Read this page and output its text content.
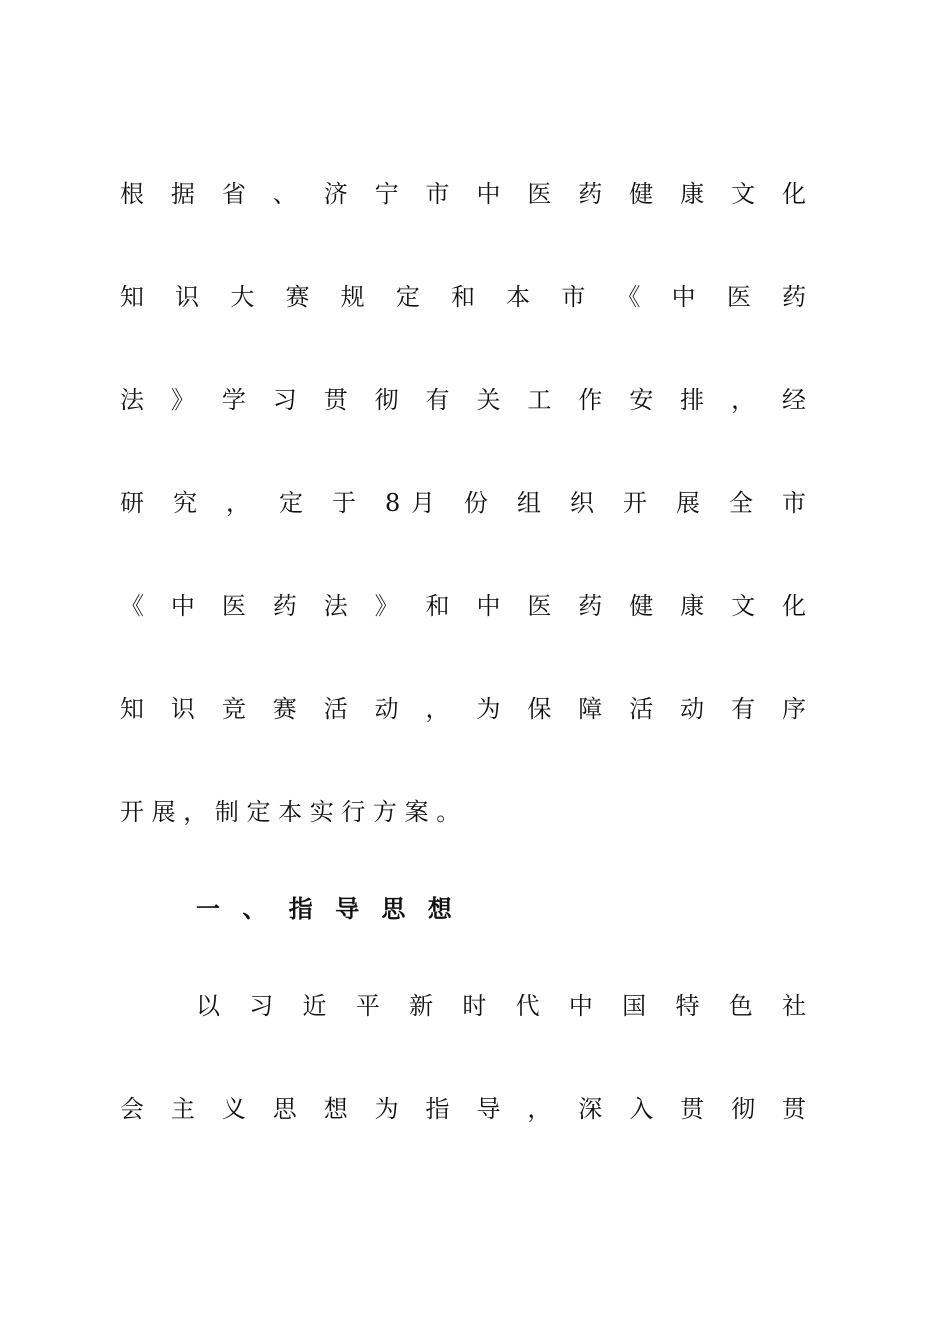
根 据 省 、 济 宁 市 中 医 药 健 康 文 化
知 识 大 赛 规 定 和 本 市 《 中 医 药
法 》 学 习 贯 彻 有 关 工 作 安 排 ， 经
研 究 ， 定 于 8月 份 组 织 开 展 全 市
《 中 医 药 法 》 和 中 医 药 健 康 文 化
知 识 竞 赛 活 动 ， 为 保 障 活 动 有 序
开 展 ， 制 定 本 实 行 方 案 。
一 、 指 导 思 想
以 习 近 平 新 时 代 中 国 特 色 社
会 主 义 思 想 为 指 导 ， 深 入 贯 彻 贯
